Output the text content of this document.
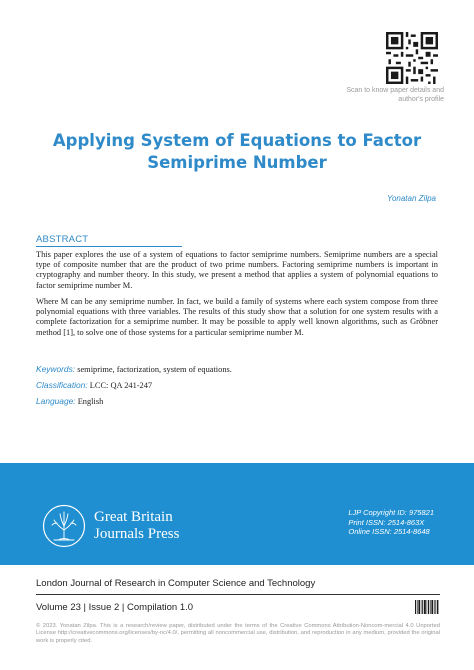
Scan to know paper details and author's profile
Applying System of Equations to Factor Semiprime Number
Yonatan Zilpa
ABSTRACT

This paper explores the use of a system of equations to factor semiprime numbers. Semiprime numbers are a special type of composite number that are the product of two prime numbers. Factoring semiprime numbers is important in cryptography and number theory. In this study, we present a method that applies a system of polynomial equations to factor semiprime number M.

Where M can be any semiprime number. In fact, we build a family of systems where each system compose from three polynomial equations with three variables. The results of this study show that a solution for one system results with a complete factorization for a semiprime number. It may be possible to apply well known algorithms, such as Gröbner method [1], to solve one of those systems for a particular semiprime number M.

Keywords: semiprime, factorization, system of equations.
Classification: LCC: QA 241-247
Language: English
Great Britain
Journals Press
LJP Copyright ID: 975821
Print ISSN: 2514-863X
Online ISSN: 2514-8648
London Journal of Research in Computer Science and Technology
Volume 23 | Issue 2 | Compilation 1.0

© 2023. Yonatan Zilpa. This is a research/review paper, distributed under the terms of the Creative Commons Attribution-Noncom-mercial 4.0 Unported License http://creativecommons.org/licenses/by-nc/4.0/, permitting all noncommercial use, distribution, and reproduction in any medium, provided the original work is properly cited.
